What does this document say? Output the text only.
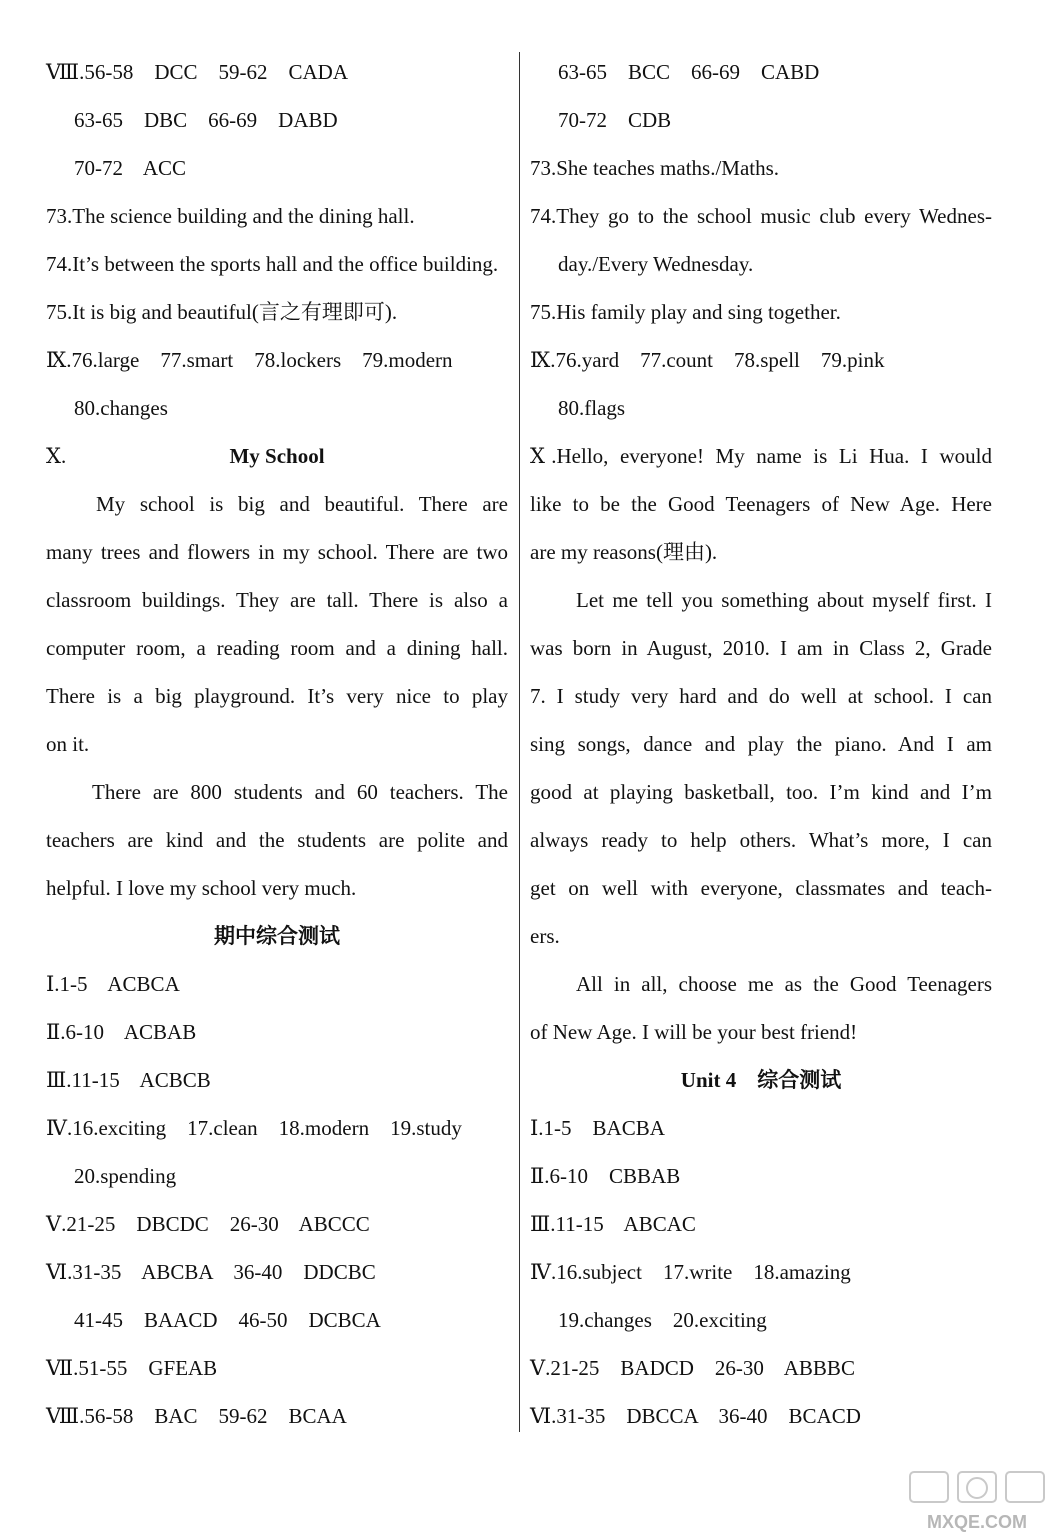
Ⅷ.56-58    DCC    59-62    CADA
63-65    DBC    66-69    DABD
70-72    ACC
73.The science building and the dining hall.
74.It’s between the sports hall and the office building.
75.It is big and beautiful(言之有理即可).
Ⅸ.76.large    77.smart    78.lockers    79.modern
80.changes
Ⅹ.	My School
My school is big and beautiful. There are
many trees and flowers in my school. There are two
classroom buildings. They are tall. There is also a
computer room, a reading room and a dining hall.
There is a big playground. It’s very nice to play
on it.
There are 800 students and 60 teachers. The
teachers are kind and the students are polite and
helpful. I love my school very much.
期中综合测试
Ⅰ.1-5    ACBCA
Ⅱ.6-10    ACBAB
Ⅲ.11-15    ACBCB
Ⅳ.16.exciting    17.clean    18.modern    19.study
20.spending
Ⅴ.21-25    DBCDC    26-30    ABCCC
Ⅵ.31-35    ABCBA    36-40    DDCBC
41-45    BAACD    46-50    DCBCA
Ⅶ.51-55    GFEAB
Ⅷ.56-58    BAC    59-62    BCAA
63-65    BCC    66-69    CABD
70-72    CDB
73.She teaches maths./Maths.
74.They go to the school music club every Wednes-
day./Every Wednesday.
75.His family play and sing together.
Ⅸ.76.yard    77.count    78.spell    79.pink
80.flags
Ⅹ.Hello, everyone! My name is Li Hua. I would
like to be the Good Teenagers of New Age. Here
are my reasons(理由).
Let me tell you something about myself first. I
was born in August, 2010. I am in Class 2, Grade
7. I study very hard and do well at school. I can
sing songs, dance and play the piano. And I am
good at playing basketball, too. I’m kind and I’m
always ready to help others. What’s more, I can
get on well with everyone, classmates and teach-
ers.
All in all, choose me as the Good Teenagers
of New Age. I will be your best friend!
Unit 4    综合测试
Ⅰ.1-5    BACBA
Ⅱ.6-10    CBBAB
Ⅲ.11-15    ABCAC
Ⅳ.16.subject    17.write    18.amazing
19.changes    20.exciting
Ⅴ.21-25    BADCD    26-30    ABBBC
Ⅵ.31-35    DBCCA    36-40    BCACD
MXQE.COM
